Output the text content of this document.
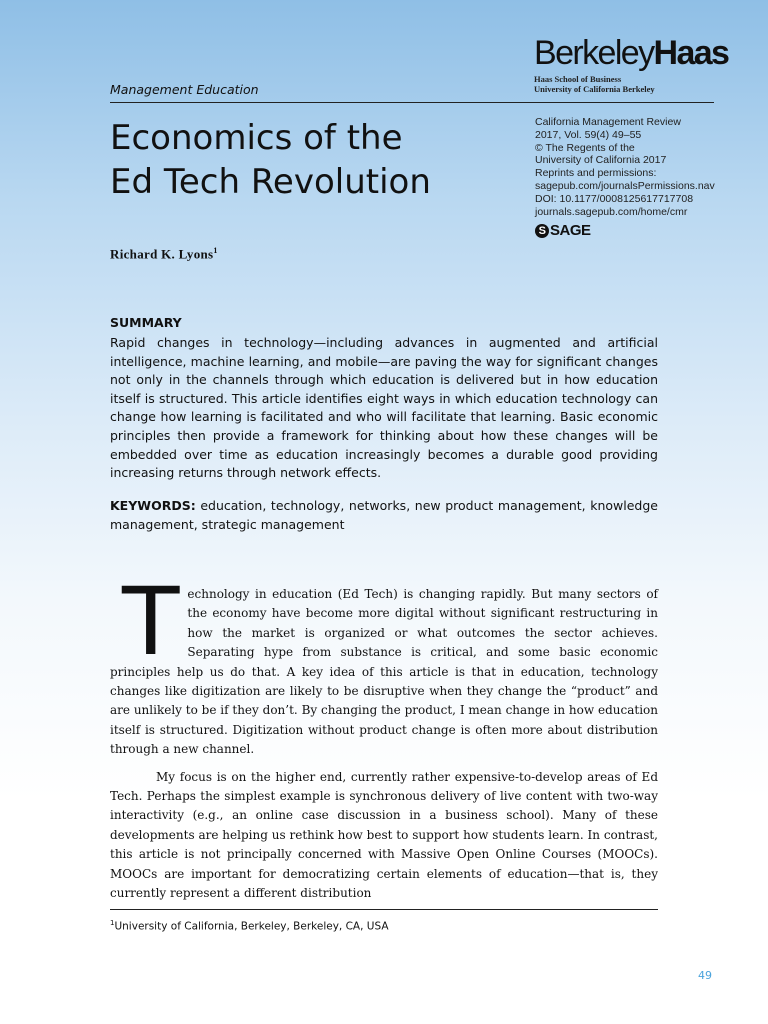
BerkeleyHaas
Haas School of Business
University of California Berkeley
Management Education
Economics of the
Ed Tech Revolution
California Management Review
2017, Vol. 59(4) 49–55
© The Regents of the
University of California 2017
Reprints and permissions:
sagepub.com/journalsPermissions.nav
DOI: 10.1177/0008125617717708
journals.sagepub.com/home/cmr
S SAGE
Richard K. Lyons$^1$
SUMMARY
Rapid changes in technology—including advances in augmented and artificial intelligence, machine learning, and mobile—are paving the way for significant changes not only in the channels through which education is delivered but in how education itself is structured. This article identifies eight ways in which education technology can change how learning is facilitated and who will facilitate that learning. Basic economic principles then provide a framework for thinking about how these changes will be embedded over time as education increasingly becomes a durable good providing increasing returns through network effects.
KEYWORDS: education, technology, networks, new product management, knowledge management, strategic management

Technology in education (Ed Tech) is changing rapidly. But many sectors of the economy have become more digital without significant restructuring in how the market is organized or what outcomes the sector achieves. Separating hype from substance is critical, and some basic economic principles help us do that. A key idea of this article is that in education, technology changes like digitization are likely to be disruptive when they change the “product” and are unlikely to be if they don’t. By changing the product, I mean change in how education itself is structured. Digitization without product change is often more about distribution through a new channel.

My focus is on the higher end, currently rather expensive-to-develop areas of Ed Tech. Perhaps the simplest example is synchronous delivery of live content with two-way interactivity (e.g., an online case discussion in a business school). Many of these developments are helping us rethink how best to support how students learn. In contrast, this article is not principally concerned with Massive Open Online Courses (MOOCs). MOOCs are important for democratizing certain elements of education—that is, they currently represent a different distribution

$^1$University of California, Berkeley, Berkeley, CA, USA
49
